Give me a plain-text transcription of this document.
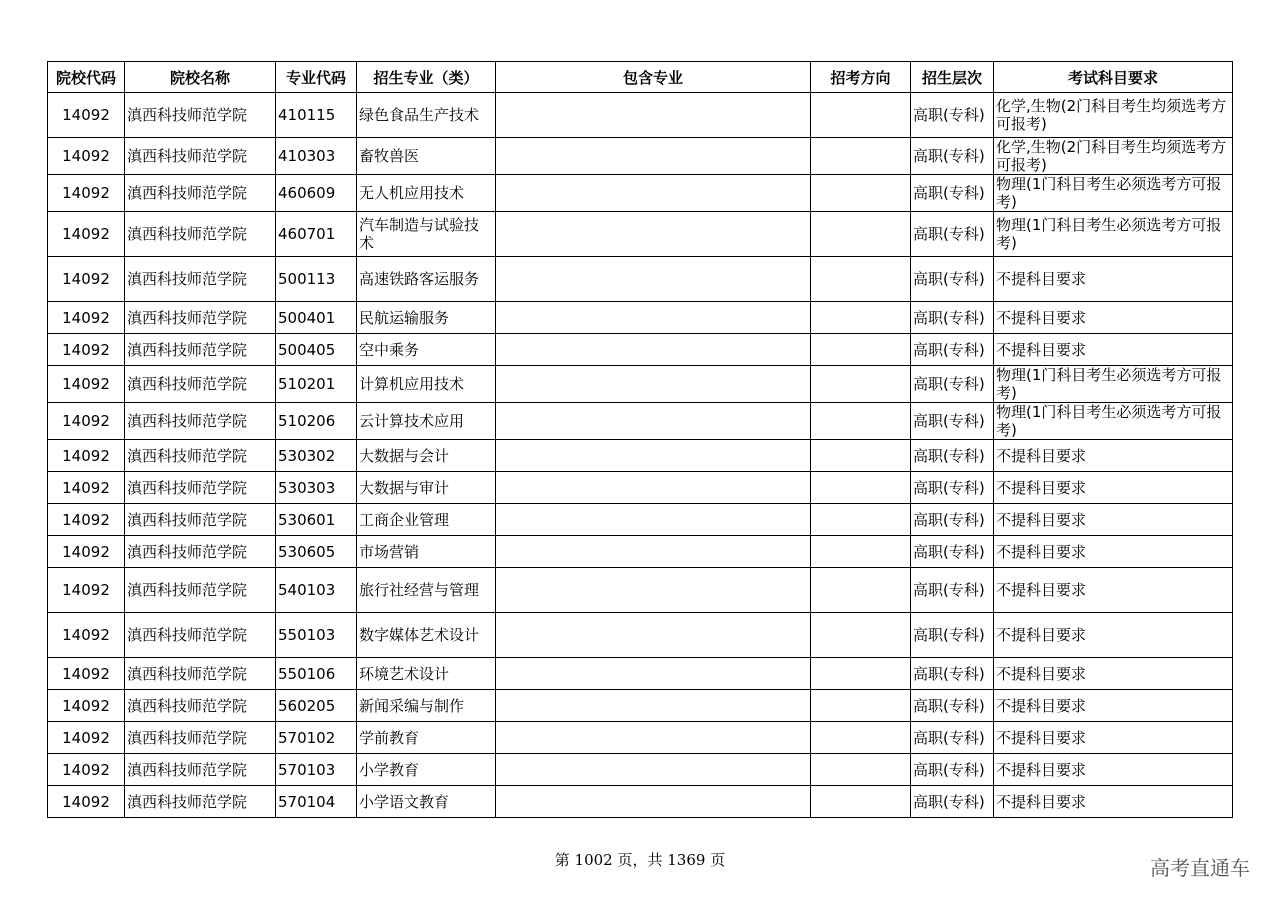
院校代码	院校名称	专业代码	招生专业（类）	包含专业	招考方向	招生层次	考试科目要求
14092	滇西科技师范学院	410115	绿色食品生产技术			高职(专科)	化学,生物(2门科目考生均须选考方可报考)
14092	滇西科技师范学院	410303	畜牧兽医			高职(专科)	化学,生物(2门科目考生均须选考方可报考)
14092	滇西科技师范学院	460609	无人机应用技术			高职(专科)	物理(1门科目考生必须选考方可报考)
14092	滇西科技师范学院	460701	汽车制造与试验技术			高职(专科)	物理(1门科目考生必须选考方可报考)
14092	滇西科技师范学院	500113	高速铁路客运服务			高职(专科)	不提科目要求
14092	滇西科技师范学院	500401	民航运输服务			高职(专科)	不提科目要求
14092	滇西科技师范学院	500405	空中乘务			高职(专科)	不提科目要求
14092	滇西科技师范学院	510201	计算机应用技术			高职(专科)	物理(1门科目考生必须选考方可报考)
14092	滇西科技师范学院	510206	云计算技术应用			高职(专科)	物理(1门科目考生必须选考方可报考)
14092	滇西科技师范学院	530302	大数据与会计			高职(专科)	不提科目要求
14092	滇西科技师范学院	530303	大数据与审计			高职(专科)	不提科目要求
14092	滇西科技师范学院	530601	工商企业管理			高职(专科)	不提科目要求
14092	滇西科技师范学院	530605	市场营销			高职(专科)	不提科目要求
14092	滇西科技师范学院	540103	旅行社经营与管理			高职(专科)	不提科目要求
14092	滇西科技师范学院	550103	数字媒体艺术设计			高职(专科)	不提科目要求
14092	滇西科技师范学院	550106	环境艺术设计			高职(专科)	不提科目要求
14092	滇西科技师范学院	560205	新闻采编与制作			高职(专科)	不提科目要求
14092	滇西科技师范学院	570102	学前教育			高职(专科)	不提科目要求
14092	滇西科技师范学院	570103	小学教育			高职(专科)	不提科目要求
14092	滇西科技师范学院	570104	小学语文教育			高职(专科)	不提科目要求
第 1002 页，共 1369 页	高考直通车
